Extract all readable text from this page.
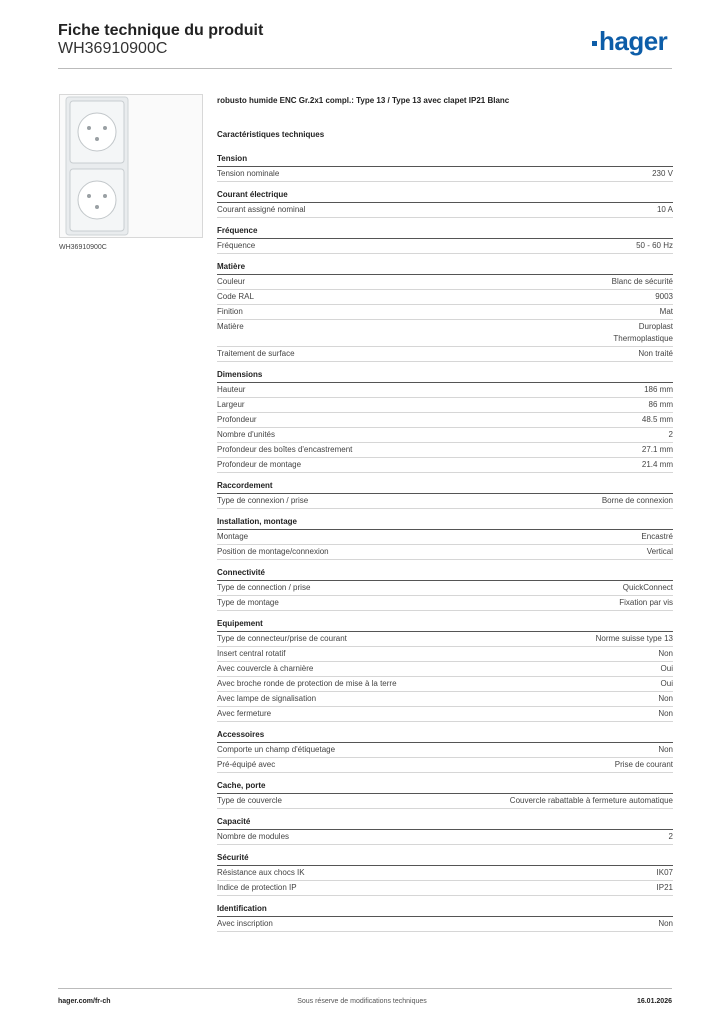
Fiche technique du produit
WH36910900C	hager
WH36910900C
robusto humide ENC Gr.2x1 compl.: Type 13 / Type 13 avec clapet IP21 Blanc
Caractéristiques techniques
Tension
Tension nominale	230 V
Courant électrique
Courant assigné nominal	10 A
Fréquence
Fréquence	50 - 60 Hz
Matière
Couleur	Blanc de sécurité
Code RAL	9003
Finition	Mat
Matière	Duroplast
Thermoplastique
Traitement de surface	Non traité
Dimensions
Hauteur	186 mm
Largeur	86 mm
Profondeur	48.5 mm
Nombre d'unités	2
Profondeur des boîtes d'encastrement	27.1 mm
Profondeur de montage	21.4 mm
Raccordement
Type de connexion / prise	Borne de connexion
Installation, montage
Montage	Encastré
Position de montage/connexion	Vertical
Connectivité
Type de connection / prise	QuickConnect
Type de montage	Fixation par vis
Equipement
Type de connecteur/prise de courant	Norme suisse type 13
Insert central rotatif	Non
Avec couvercle à charnière	Oui
Avec broche ronde de protection de mise à la terre	Oui
Avec lampe de signalisation	Non
Avec fermeture	Non
Accessoires
Comporte un champ d'étiquetage	Non
Pré-équipé avec	Prise de courant
Cache, porte
Type de couvercle	Couvercle rabattable à fermeture automatique
Capacité
Nombre de modules	2
Sécurité
Résistance aux chocs IK	IK07
Indice de protection IP	IP21
Identification
Avec inscription	Non
hager.com/fr-ch	Sous réserve de modifications techniques	16.01.2026
